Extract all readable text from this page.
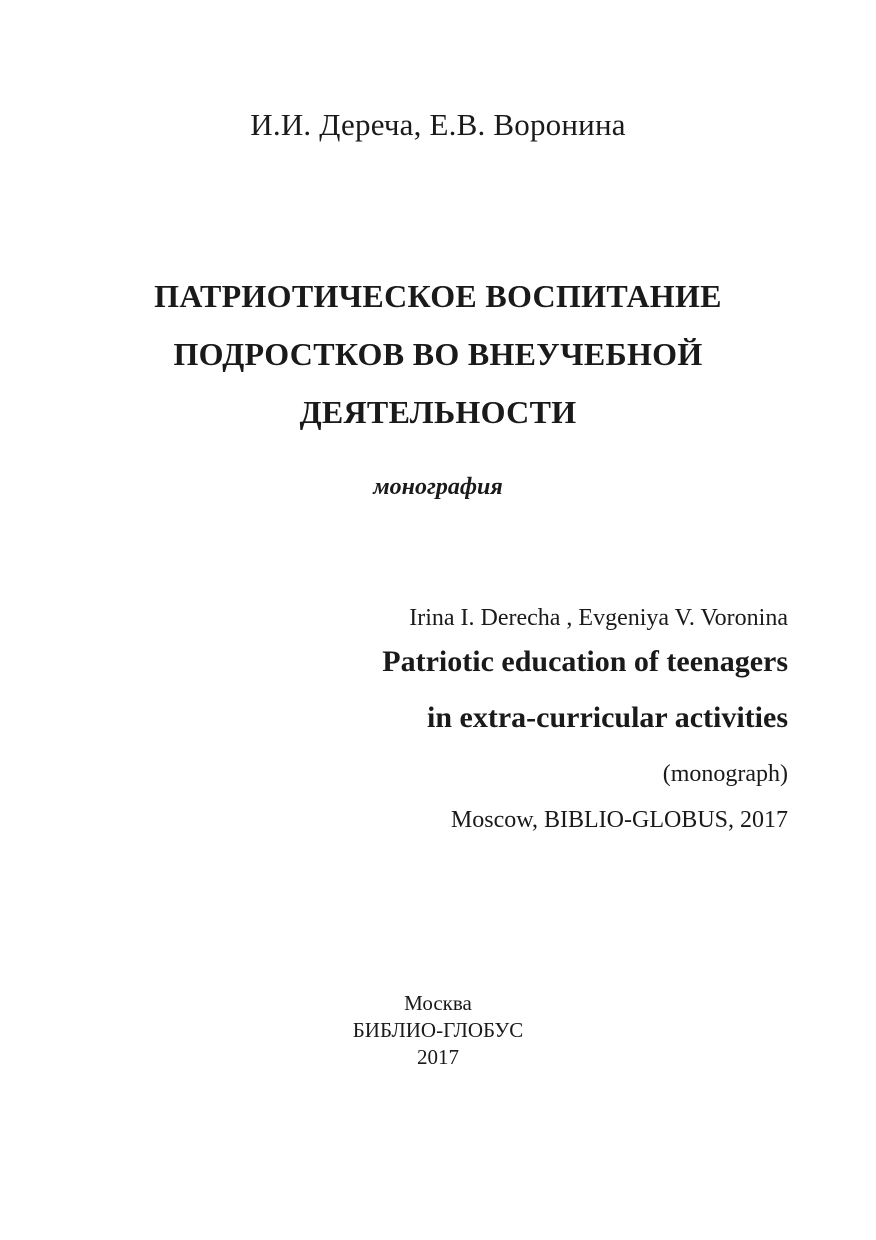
И.И. Дереча, Е.В. Воронина
ПАТРИОТИЧЕСКОЕ ВОСПИТАНИЕ
ПОДРОСТКОВ ВО ВНЕУЧЕБНОЙ
ДЕЯТЕЛЬНОСТИ
монография
Irina I. Derecha , Evgeniya V. Voronina
Patriotic education of teenagers
in extra-curricular activities
(monograph)
Moscow, BIBLIO-GLOBUS, 2017
Москва
БИБЛИО-ГЛОБУС
2017
